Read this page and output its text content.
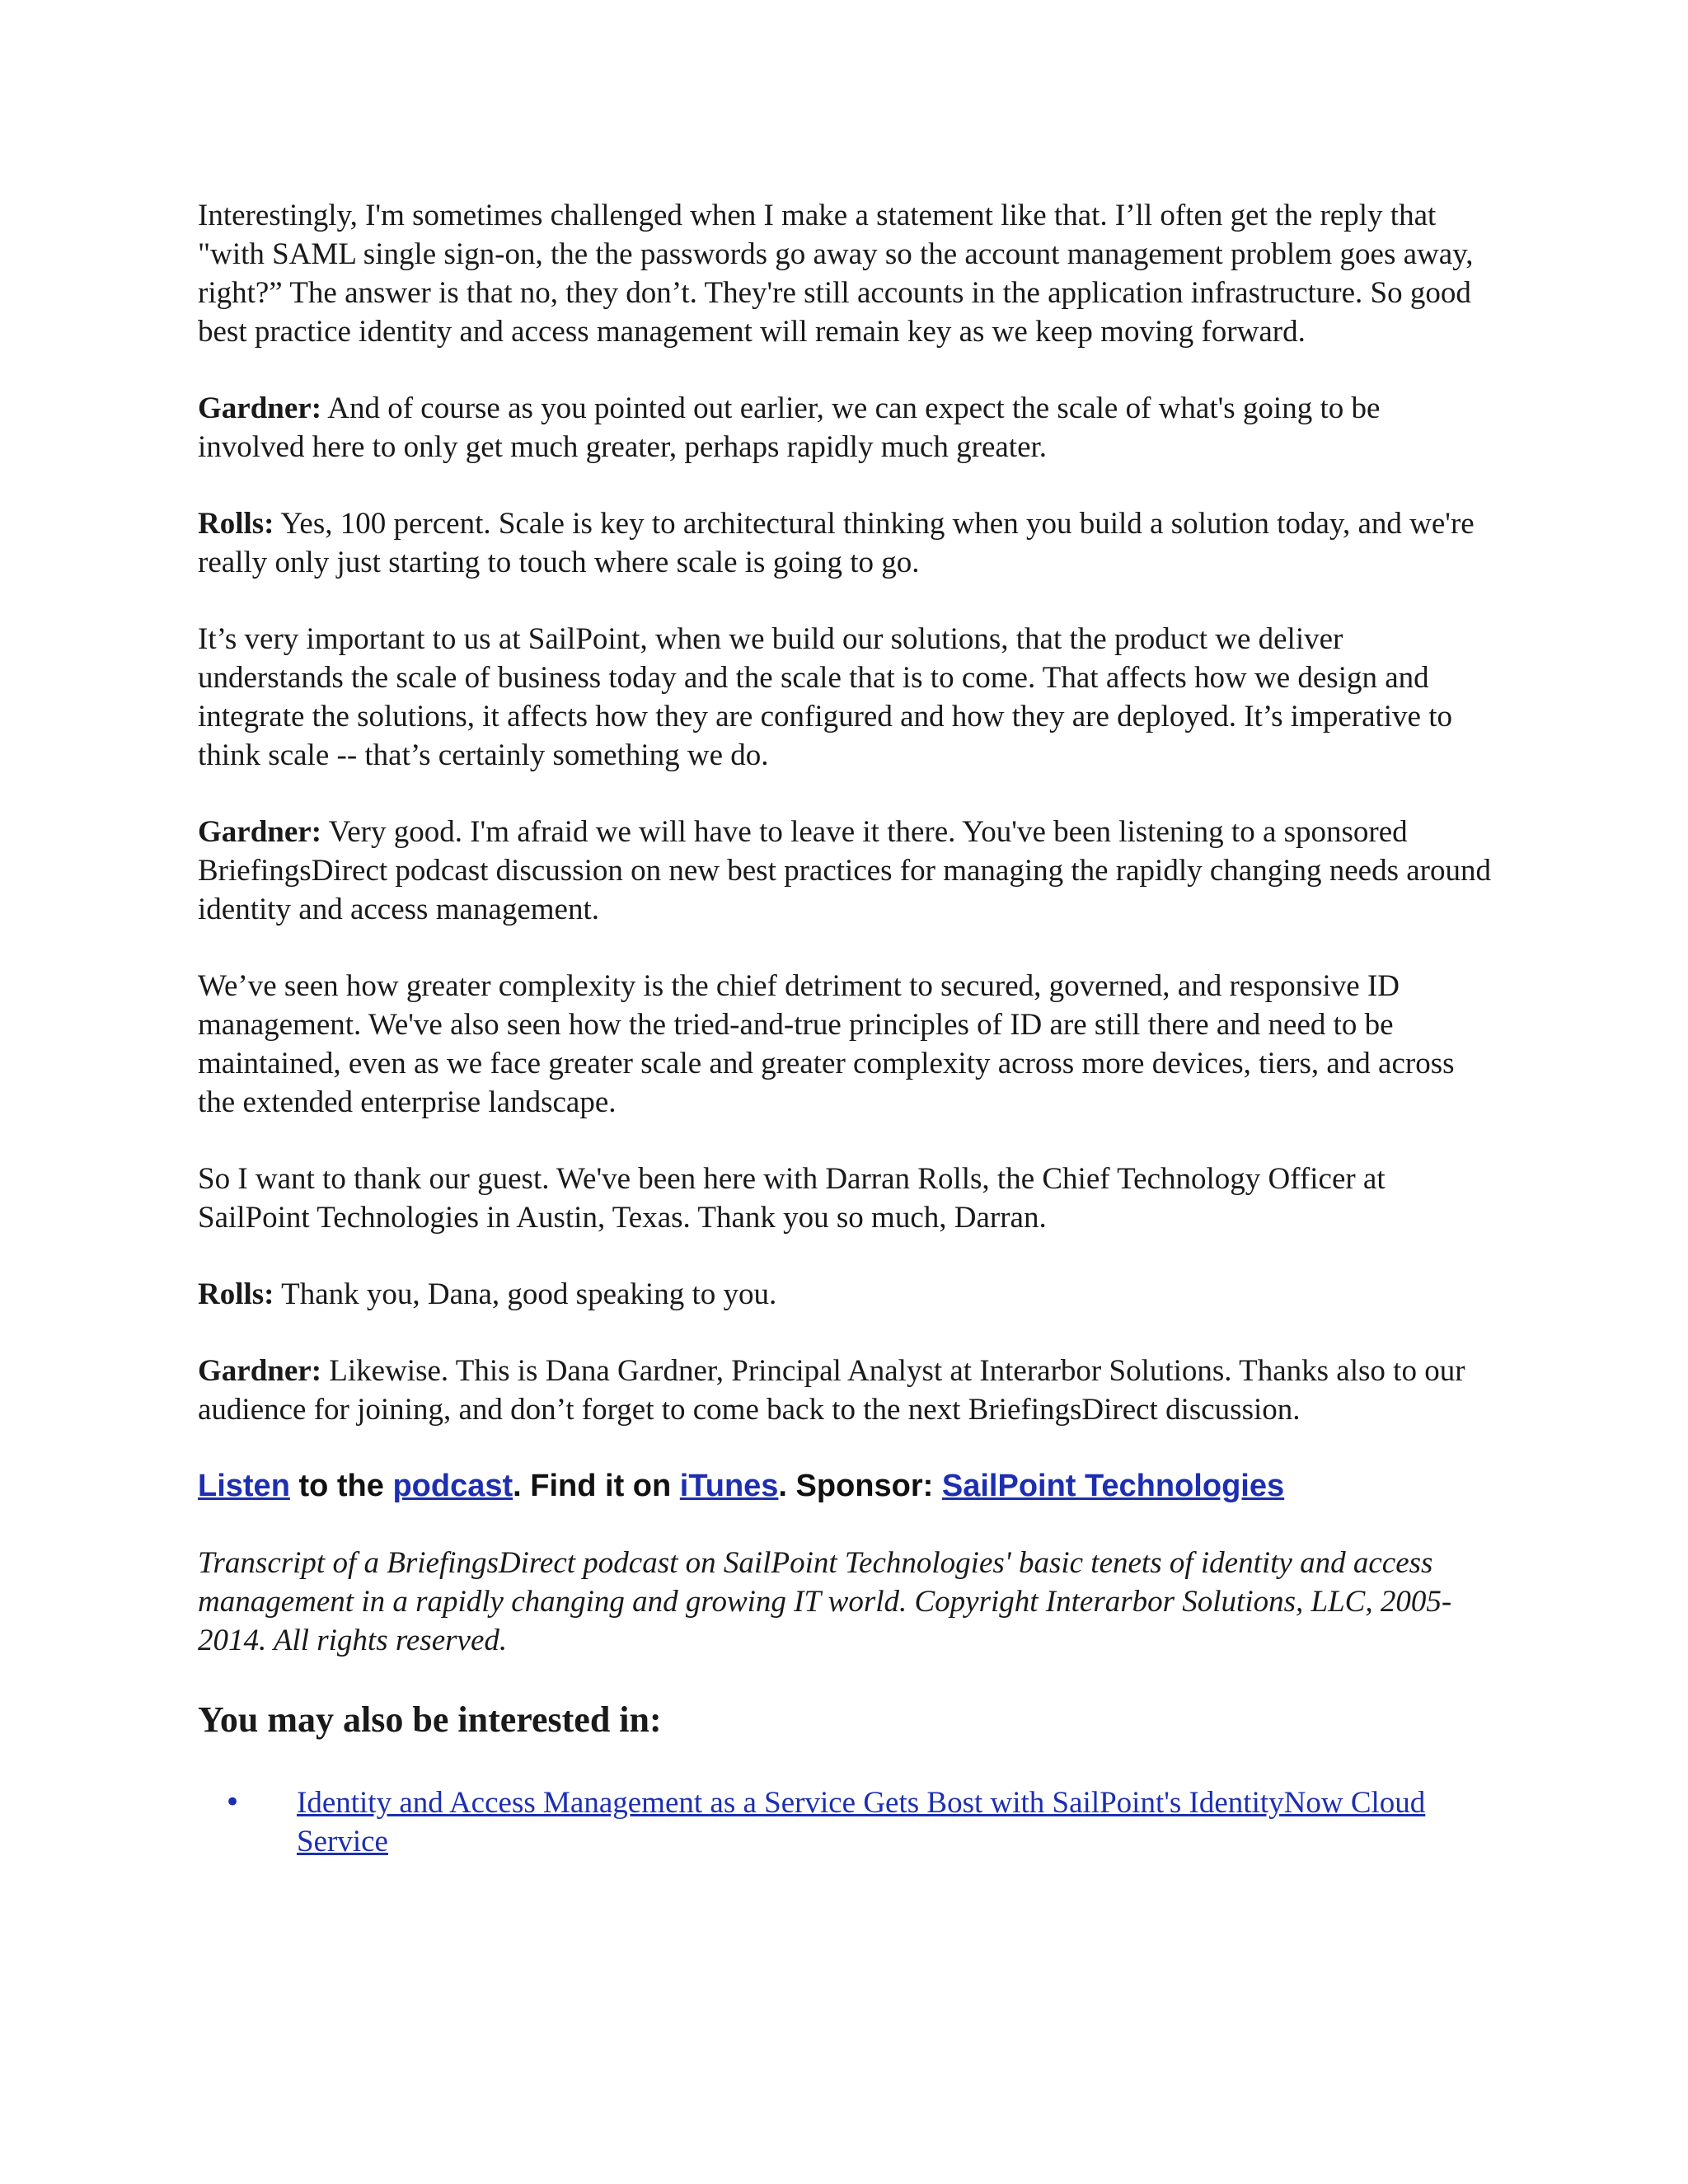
Interestingly, I'm sometimes challenged when I make a statement like that. I’ll often get the reply that "with SAML single sign-on, the the passwords go away so the account management problem goes away, right?” The answer is that no, they don’t. They're still accounts in the application infrastructure. So good best practice identity and access management will remain key as we keep moving forward.

Gardner: And of course as you pointed out earlier, we can expect the scale of what's going to be involved here to only get much greater, perhaps rapidly much greater.

Rolls: Yes, 100 percent. Scale is key to architectural thinking when you build a solution today, and we're really only just starting to touch where scale is going to go.

It’s very important to us at SailPoint, when we build our solutions, that the product we deliver understands the scale of business today and the scale that is to come. That affects how we design and integrate the solutions, it affects how they are configured and how they are deployed. It’s imperative to think scale -- that’s certainly something we do.

Gardner: Very good. I'm afraid we will have to leave it there. You've been listening to a sponsored BriefingsDirect podcast discussion on new best practices for managing the rapidly changing needs around identity and access management.

We’ve seen how greater complexity is the chief detriment to secured, governed, and responsive ID management. We've also seen how the tried-and-true principles of ID are still there and need to be maintained, even as we face greater scale and greater complexity across more devices, tiers, and across the extended enterprise landscape.

So I want to thank our guest. We've been here with Darran Rolls, the Chief Technology Officer at SailPoint Technologies in Austin, Texas. Thank you so much, Darran.

Rolls: Thank you, Dana, good speaking to you.

Gardner: Likewise. This is Dana Gardner, Principal Analyst at Interarbor Solutions. Thanks also to our audience for joining, and don’t forget to come back to the next BriefingsDirect discussion.

Listen to the podcast. Find it on iTunes. Sponsor: SailPoint Technologies

Transcript of a BriefingsDirect podcast on SailPoint Technologies' basic tenets of identity and access management in a rapidly changing and growing IT world. Copyright Interarbor Solutions, LLC, 2005-2014. All rights reserved.

You may also be interested in:
• Identity and Access Management as a Service Gets Bost with SailPoint's IdentityNow Cloud Service
